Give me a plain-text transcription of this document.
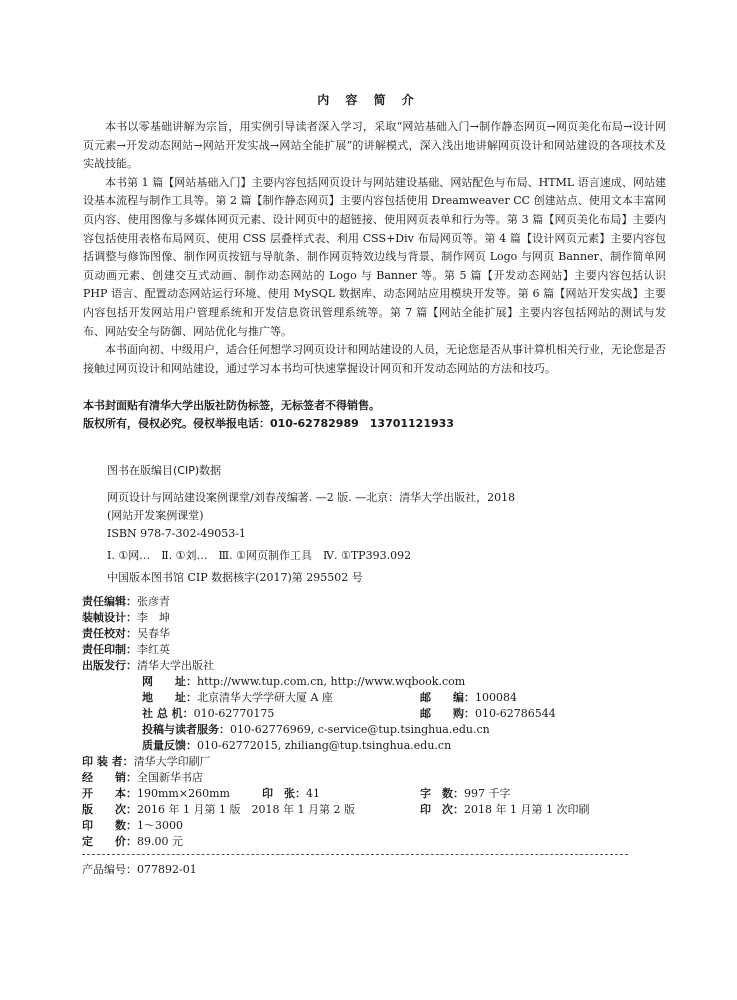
内 容 简 介

本书以零基础讲解为宗旨，用实例引导读者深入学习，采取“网站基础入门→制作静态网页→网页美化布局→设计网页元素→开发动态网站→网站开发实战→网站全能扩展”的讲解模式，深入浅出地讲解网页设计和网站建设的各项技术及实战技能。

本书第 1 篇【网站基础入门】主要内容包括网页设计与网站建设基础、网站配色与布局、HTML 语言速成、网站建设基本流程与制作工具等。第 2 篇【制作静态网页】主要内容包括使用 Dreamweaver CC 创建站点、使用文本丰富网页内容、使用图像与多媒体网页元素、设计网页中的超链接、使用网页表单和行为等。第 3 篇【网页美化布局】主要内容包括使用表格布局网页、使用 CSS 层叠样式表、利用 CSS+Div 布局网页等。第 4 篇【设计网页元素】主要内容包括调整与修饰图像、制作网页按钮与导航条、制作网页特效边线与背景、制作网页 Logo 与网页 Banner、制作简单网页动画元素、创建交互式动画、制作动态网站的 Logo 与 Banner 等。第 5 篇【开发动态网站】主要内容包括认识 PHP 语言、配置动态网站运行环境、使用 MySQL 数据库、动态网站应用模块开发等。第 6 篇【网站开发实战】主要内容包括开发网站用户管理系统和开发信息资讯管理系统等。第 7 篇【网站全能扩展】主要内容包括网站的测试与发布、网站安全与防御、网站优化与推广等。

本书面向初、中级用户，适合任何想学习网页设计和网站建设的人员，无论您是否从事计算机相关行业，无论您是否接触过网页设计和网站建设，通过学习本书均可快速掌握设计网页和开发动态网站的方法和技巧。

本书封面贴有清华大学出版社防伪标签，无标签者不得销售。
版权所有，侵权必究。侵权举报电话：010-62782989　13701121933
图书在版编目(CIP)数据
网页设计与网站建设案例课堂/刘春茂编著. —2 版. —北京：清华大学出版社，2018
(网站开发案例课堂)
ISBN 978-7-302-49053-1
Ⅰ. ①网…　Ⅱ. ①刘…　Ⅲ. ①网页制作工具　Ⅳ. ①TP393.092
中国版本图书馆 CIP 数据核字(2017)第 295502 号
责任编辑：张彦青
装帧设计：李　坤
责任校对：吴春华
责任印制：李红英
出版发行：清华大学出版社
网　　址：http://www.tup.com.cn, http://www.wqbook.com
地　　址：北京清华大学学研大厦 A 座	邮　　编：100084
社 总 机：010-62770175	邮　　购：010-62786544
投稿与读者服务：010-62776969, c-service@tup.tsinghua.edu.cn
质量反馈：010-62772015, zhiliang@tup.tsinghua.edu.cn
印 装 者：清华大学印刷厂
经　　销：全国新华书店
开　　本：190mm×260mm	印　张：41	字　数：997 千字
版　　次：2016 年 1 月第 1 版　2018 年 1 月第 2 版	印　次：2018 年 1 月第 1 次印刷
印　　数：1～3000
定　　价：89.00 元
产品编号：077892-01
